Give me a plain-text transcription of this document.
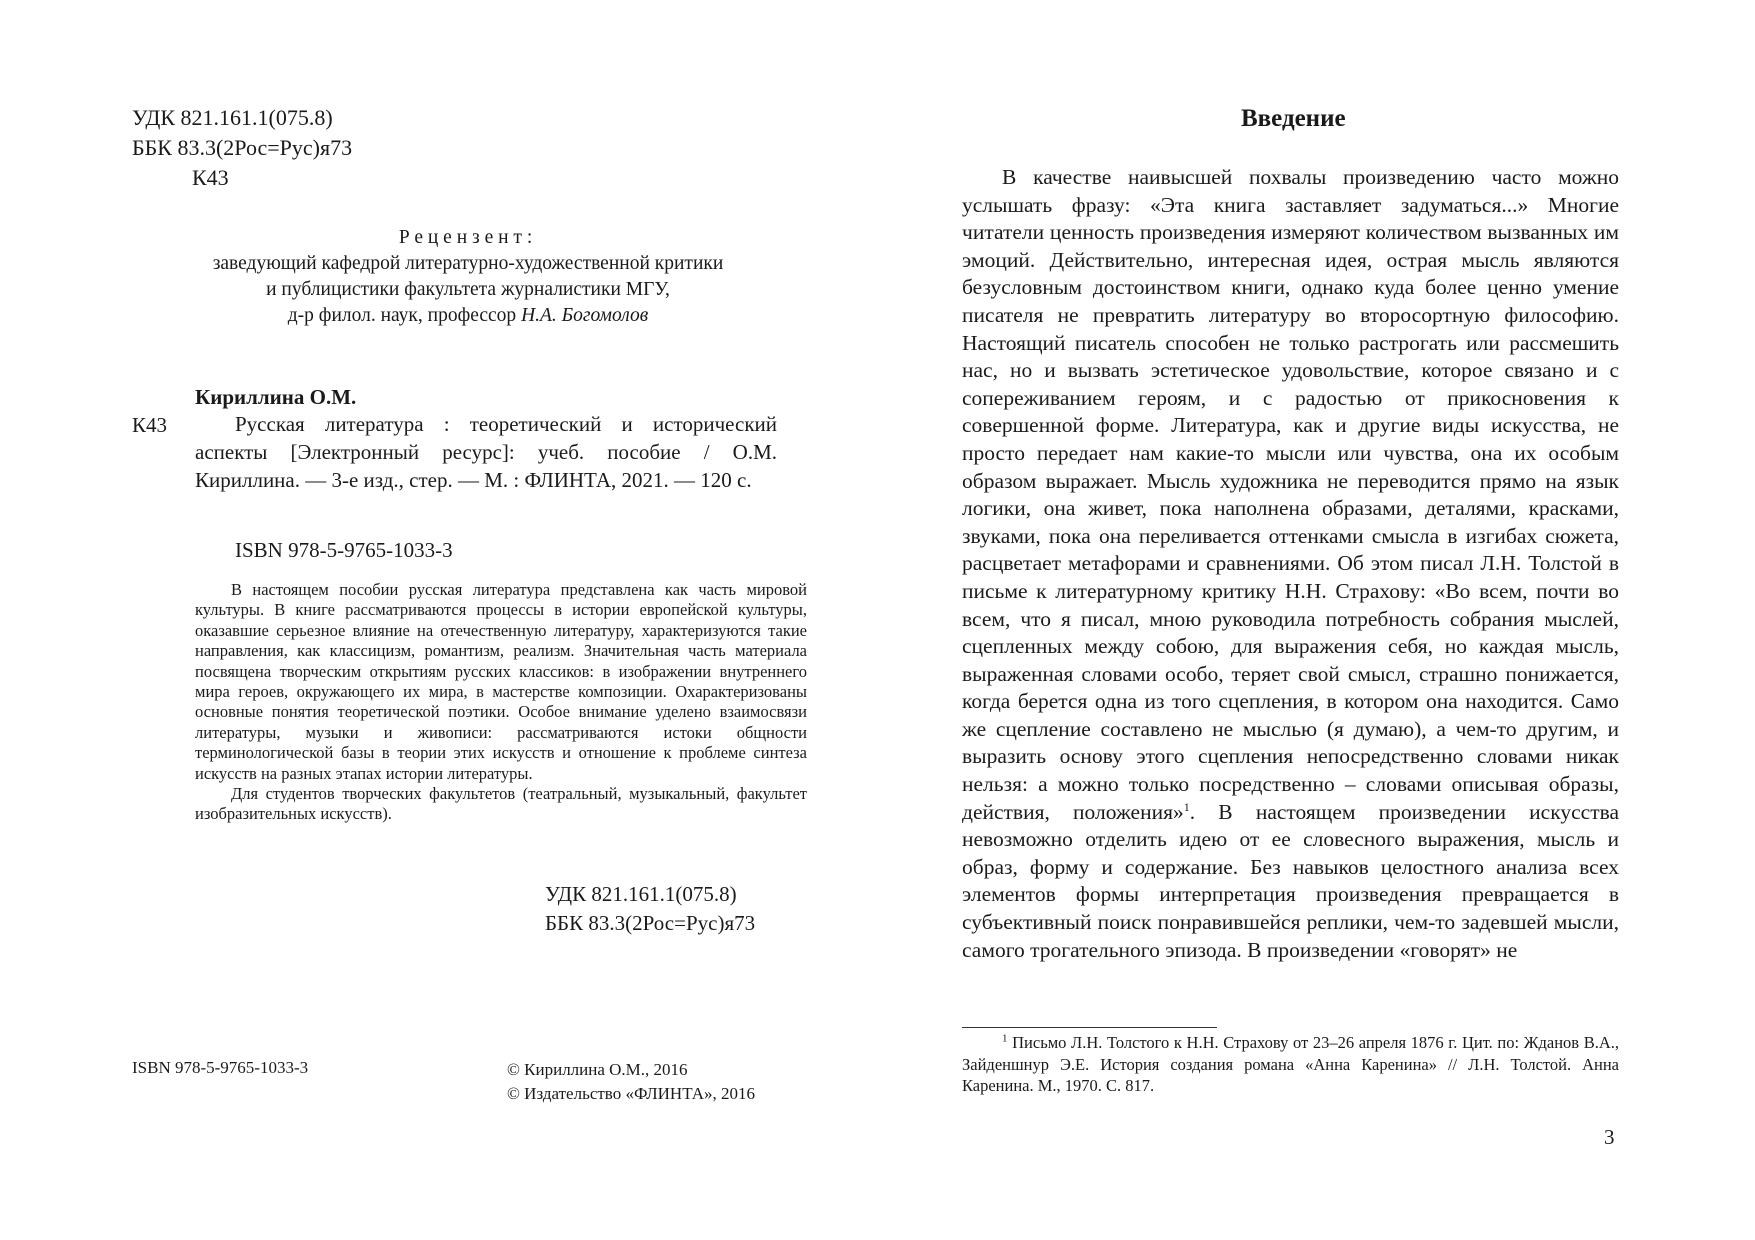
УДК 821.161.1(075.8)
ББК 83.3(2Рос=Рус)я73
К43
Рецензент:
заведующий кафедрой литературно-художественной критики
и публицистики факультета журналистики МГУ,
д-р филол. наук, профессор Н.А. Богомолов
Кириллина О.М.
К43	Русская литература : теоретический и исторический аспекты [Электронный ресурс]: учеб. пособие / О.М. Кириллина. — 3-е изд., стер. — М. : ФЛИНТА, 2021. — 120 с.

ISBN 978-5-9765-1033-3

В настоящем пособии русская литература представлена как часть мировой культуры. В книге рассматриваются процессы в истории европейской культуры, оказавшие серьезное влияние на отечественную литературу, характеризуются такие направления, как классицизм, романтизм, реализм. Значительная часть материала посвящена творческим открытиям русских классиков: в изображении внутреннего мира героев, окружающего их мира, в мастерстве композиции. Охарактеризованы основные понятия теоретической поэтики. Особое внимание уделено взаимосвязи литературы, музыки и живописи: рассматриваются истоки общности терминологической базы в теории этих искусств и отношение к проблеме синтеза искусств на разных этапах истории литературы.

Для студентов творческих факультетов (театральный, музыкальный, факультет изобразительных искусств).

УДК 821.161.1(075.8)
ББК 83.3(2Рос=Рус)я73
ISBN 978-5-9765-1033-3	© Кириллина О.М., 2016
© Издательство «ФЛИНТА», 2016
Введение

В качестве наивысшей похвалы произведению часто можно услышать фразу: «Эта книга заставляет задуматься...» Многие читатели ценность произведения измеряют количеством вызванных им эмоций. Действительно, интересная идея, острая мысль являются безусловным достоинством книги, однако куда более ценно умение писателя не превратить литературу во второсортную философию. Настоящий писатель способен не только растрогать или рассмешить нас, но и вызвать эстетическое удовольствие, которое связано и с сопереживанием героям, и с радостью от прикосновения к совершенной форме. Литература, как и другие виды искусства, не просто передает нам какие-то мысли или чувства, она их особым образом выражает. Мысль художника не переводится прямо на язык логики, она живет, пока наполнена образами, деталями, красками, звуками, пока она переливается оттенками смысла в изгибах сюжета, расцветает метафорами и сравнениями. Об этом писал Л.Н. Толстой в письме к литературному критику Н.Н. Страхову: «Во всем, почти во всем, что я писал, мною руководила потребность собрания мыслей, сцепленных между собою, для выражения себя, но каждая мысль, выраженная словами особо, теряет свой смысл, страшно понижается, когда берется одна из того сцепления, в котором она находится. Само же сцепление составлено не мыслью (я думаю), а чем-то другим, и выразить основу этого сцепления непосредственно словами никак нельзя: а можно только посредственно – словами описывая образы, действия, положения»$^1$. В настоящем произведении искусства невозможно отделить идею от ее словесного выражения, мысль и образ, форму и содержание. Без навыков целостного анализа всех элементов формы интерпретация произведения превращается в субъективный поиск понравившейся реплики, чем-то задевшей мысли, самого трогательного эпизода. В произведении «говорят» не

$^1$ Письмо Л.Н. Толстого к Н.Н. Страхову от 23–26 апреля 1876 г. Цит. по: Жданов В.А., Зайденшнур Э.Е. История создания романа «Анна Каренина» // Л.Н. Толстой. Анна Каренина. М., 1970. С. 817.

3
